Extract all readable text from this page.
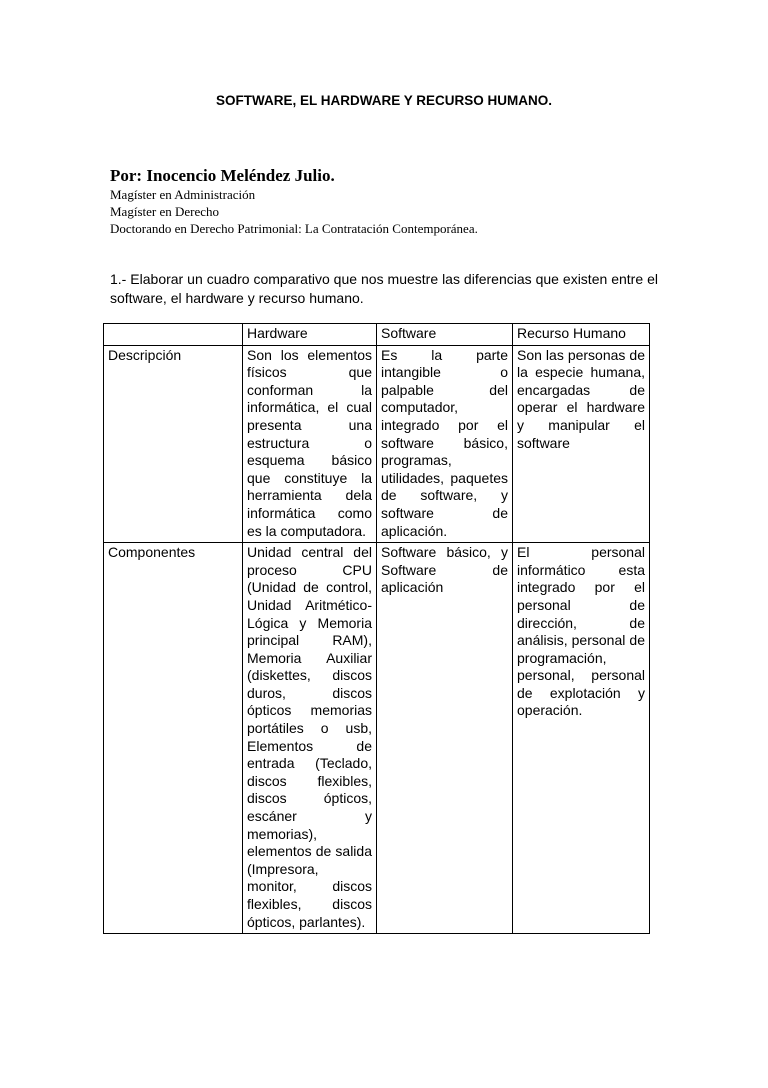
SOFTWARE, EL HARDWARE Y RECURSO HUMANO.
Por: Inocencio Meléndez Julio.
Magíster en Administración
Magíster en Derecho
Doctorando en Derecho Patrimonial: La Contratación Contemporánea.
1.- Elaborar un cuadro comparativo que nos muestre las diferencias que existen entre el software, el hardware y recurso humano.
	Hardware	Software	Recurso Humano
Descripción	Son los elementos físicos que conforman la informática, el cual presenta una estructura o esquema básico que constituye la herramienta dela informática como es la computadora.	Es la parte intangible o palpable del computador, integrado por el software básico, programas, utilidades, paquetes de software, y software de aplicación.	Son las personas de la especie humana, encargadas de operar el hardware y manipular el software
Componentes	Unidad central del proceso CPU (Unidad de control, Unidad Aritmético-Lógica y Memoria principal RAM), Memoria Auxiliar (diskettes, discos duros, discos ópticos memorias portátiles o usb, Elementos de entrada (Teclado, discos flexibles, discos ópticos, escáner y memorias), elementos de salida (Impresora, monitor, discos flexibles, discos ópticos, parlantes).	Software básico, y Software de aplicación	El personal informático esta integrado por el personal de dirección, de análisis, personal de programación, personal, personal de explotación y operación.
